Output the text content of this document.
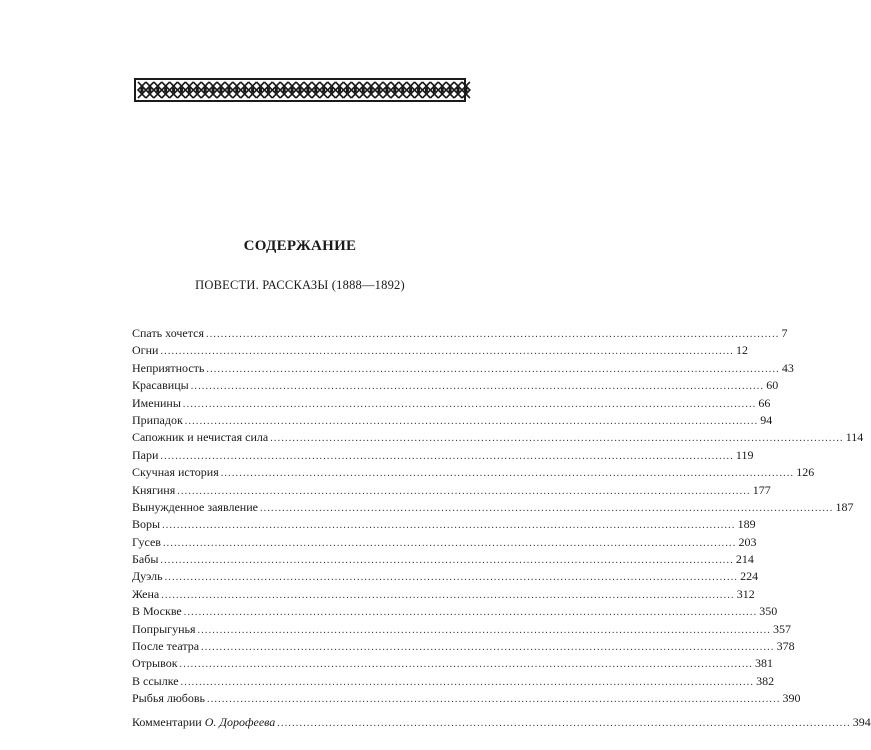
СОДЕРЖАНИЕ
ПОВЕСТИ. РАССКАЗЫ (1888—1892)
Спать хочется ........................................................................................................................................................... 7
Огни ........................................................................................................................................................... 12
Неприятность ........................................................................................................................................................... 43
Красавицы ........................................................................................................................................................... 60
Именины ........................................................................................................................................................... 66
Припадок ........................................................................................................................................................... 94
Сапожник и нечистая сила ........................................................................................................................................................... 114
Пари ........................................................................................................................................................... 119
Скучная история ........................................................................................................................................................... 126
Княгиня ........................................................................................................................................................... 177
Вынужденное заявление ........................................................................................................................................................... 187
Воры ........................................................................................................................................................... 189
Гусев ........................................................................................................................................................... 203
Бабы ........................................................................................................................................................... 214
Дуэль ........................................................................................................................................................... 224
Жена ........................................................................................................................................................... 312
В Москве ........................................................................................................................................................... 350
Попрыгунья ........................................................................................................................................................... 357
После театра ........................................................................................................................................................... 378
Отрывок ........................................................................................................................................................... 381
В ссылке ........................................................................................................................................................... 382
Рыбья любовь ........................................................................................................................................................... 390
Комментарии О. Дорофеева ........................................................................................................................................................... 394
